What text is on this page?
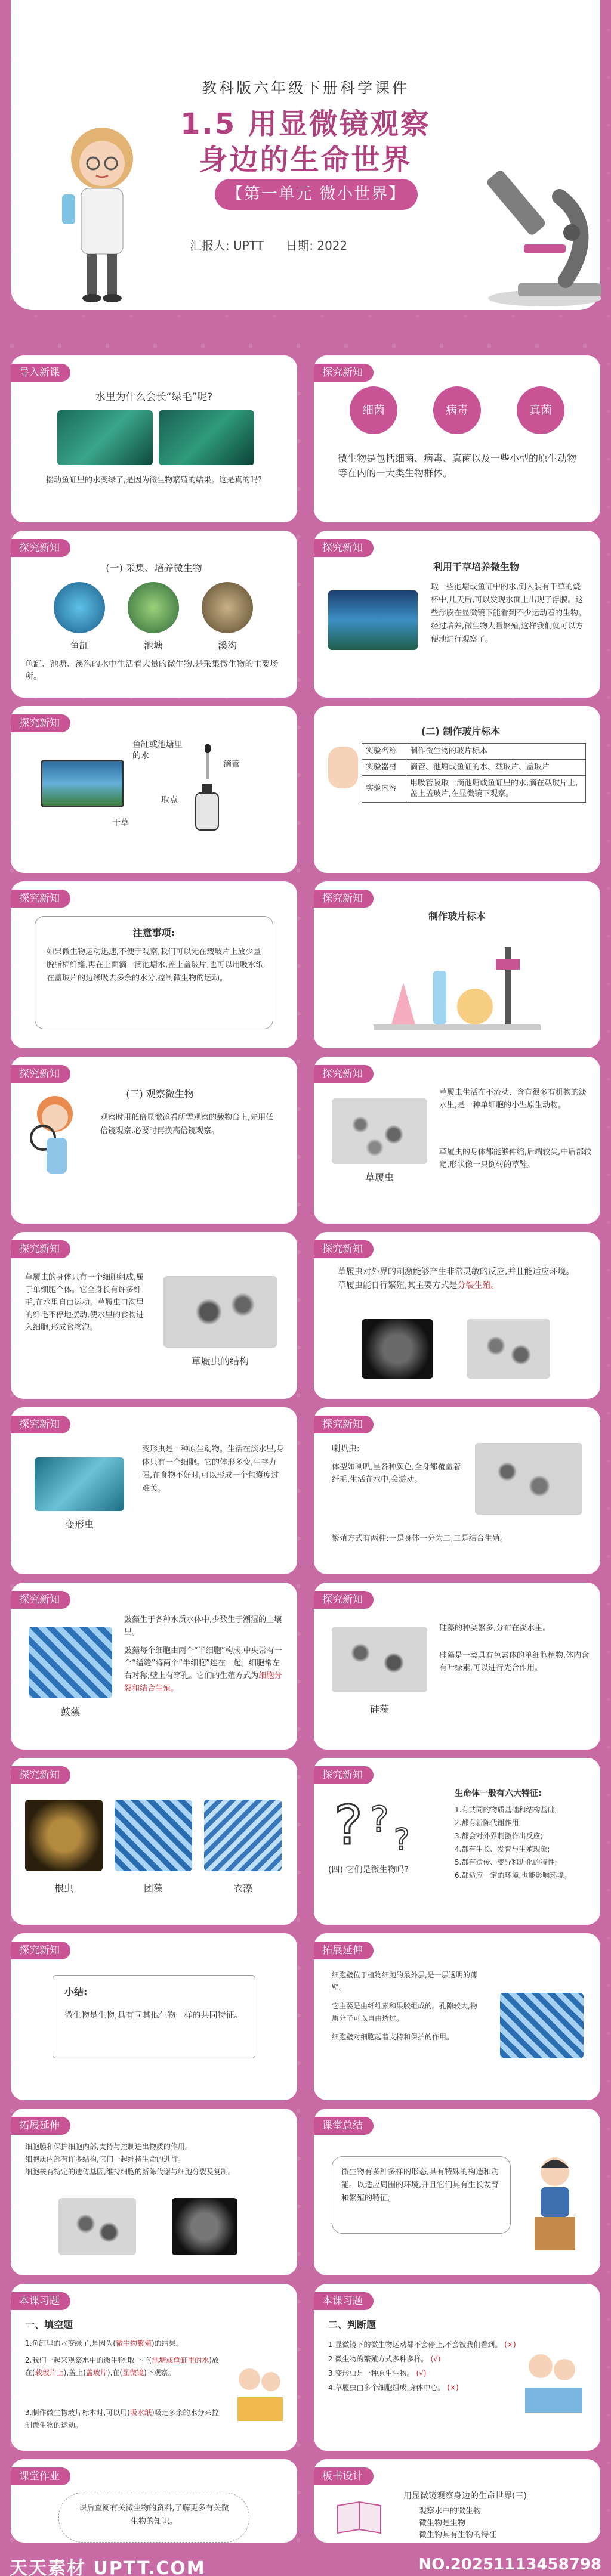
教科版六年级下册科学课件
1.5 用显微镜观察
身边的生命世界
【第一单元 微小世界】
汇报人: UPTT 日期: 2022
导入新课
水里为什么会长“绿毛”呢?
摇动鱼缸里的水变绿了,是因为微生物繁殖的结果。这是真的吗?
探究新知
细菌	病毒	真菌
微生物是包括细菌、病毒、真菌以及一些小型的原生动物等在内的一大类生物群体。
探究新知
(一) 采集、培养微生物
鱼缸	池塘	溪沟
鱼缸、池塘、溪沟的水中生活着大量的微生物,是采集微生物的主要场所。
探究新知
利用干草培养微生物
取一些池塘或鱼缸中的水,倒入装有干草的烧杯中,几天后,可以发现水面上出现了浮膜。这些浮膜在显微镜下能看到不少运动着的生物。经过培养,微生物大量繁殖,这样我们就可以方便地进行观察了。
探究新知
鱼缸或池塘里的水
滴管
干草
取点
(二) 制作玻片标本
实验名称	制作微生物的玻片标本
实验器材	滴管、池塘或鱼缸的水、载玻片、盖玻片
实验内容	用吸管吸取一滴池塘或鱼缸里的水,滴在载玻片上,盖上盖玻片,在显微镜下观察。
探究新知
注意事项:
如果微生物运动迅速,不便于观察,我们可以先在载玻片上放少量脱脂棉纤维,再在上面滴一滴池塘水,盖上盖玻片,也可以用吸水纸在盖玻片的边缘吸去多余的水分,控制微生物的运动。
探究新知
制作玻片标本
探究新知
(三) 观察微生物
观察时用低倍显微镜看所需观察的载物台上,先用低倍镜观察,必要时再换高倍镜观察。
探究新知
草履虫
草履虫生活在不流动、含有很多有机物的淡水里,是一种单细胞的小型原生动物。
草履虫的身体都能够伸缩,后端较尖,中后部较宽,形状像一只倒转的草鞋。
探究新知
草履虫的身体只有一个细胞组成,属于单细胞个体。它全身长有许多纤毛,在水里自由运动。草履虫口沟里的纤毛不停地摆动,使水里的食物进入细胞,形成食物泡。
草履虫的结构
探究新知
草履虫对外界的刺激能够产生非常灵敏的反应,并且能适应环境。草履虫能自行繁殖,其主要方式是分裂生殖。
探究新知
变形虫
变形虫是一种原生动物。生活在淡水里,身体只有一个细胞。它的体形多变,生存力强,在食物不好时,可以形成一个包囊度过难关。
探究新知
喇叭虫:
体型如喇叭,呈各种颜色,全身都覆盖着纤毛,生活在水中,会游动。
繁殖方式有两种:一是身体一分为二;二是结合生殖。
探究新知
鼓藻
鼓藻生于各种水质水体中,少数生于潮湿的土壤里。
鼓藻每个细胞由两个“半细胞”构成,中央常有一个“缢缝”将两个“半细胞”连在一起。细胞常左右对称;壁上有穿孔。它们的生殖方式为细胞分裂和结合生殖。
探究新知
硅藻
硅藻的种类繁多,分布在淡水里。
硅藻是一类具有色素体的单细胞植物,体内含有叶绿素,可以进行光合作用。
探究新知
根虫	团藻	衣藻
探究新知
? ? ?
(四) 它们是微生物吗?
生命体一般有六大特征:
1.有共同的物质基础和结构基础;
2.都有新陈代谢作用;
3.都会对外界刺激作出反应;
4.都有生长、发育与生殖现象;
5.都有遗传、变异和进化的特性;
6.都适应一定的环境,也能影响环境。
探究新知
小结:
微生物是生物,具有同其他生物一样的共同特征。
拓展延伸
细胞壁位于植物细胞的最外层,是一层透明的薄壁。
它主要是由纤维素和果胶组成的。孔隙较大,物质分子可以自由透过。
细胞壁对细胞起着支持和保护的作用。
拓展延伸
细胞膜和保护细胞内部,支持与控制进出物质的作用。
细胞质内部有许多结构,它们一起维持生命的进行。
细胞核有特定的遗传基因,维持细胞的新陈代谢与细胞分裂及复制。
课堂总结
微生物有多种多样的形态,具有特殊的构造和功能。以适应周围的环境,并且它们具有生长发育和繁殖的特征。
本课习题
一、填空题
1.鱼缸里的水变绿了,是因为(微生物繁殖)的结果。
2.我们一起来观察水中的微生物:取一些(池塘或鱼缸里的水)放在(载玻片上),盖上(盖玻片),在(显微镜)下观察。
3.制作微生物玻片标本时,可以用(吸水纸)吸走多余的水分来控制微生物的运动。
本课习题
二、判断题
1.显微镜下的微生物运动都不会停止,不会被我们看到。 (×)
2.微生物的繁殖方式多种多样。 (√)
3.变形虫是一种原生生物。 (√)
4.草履虫由多个细胞组成,身体中心。 (×)
课堂作业
课后查阅有关微生物的资料,了解更多有关微生物的知识。
板书设计
用显微镜观察身边的生命世界(三)
观察水中的微生物
微生物是生物
微生物具有生物的特征
天天素材 UPTT.COM	NO.20251113458798
